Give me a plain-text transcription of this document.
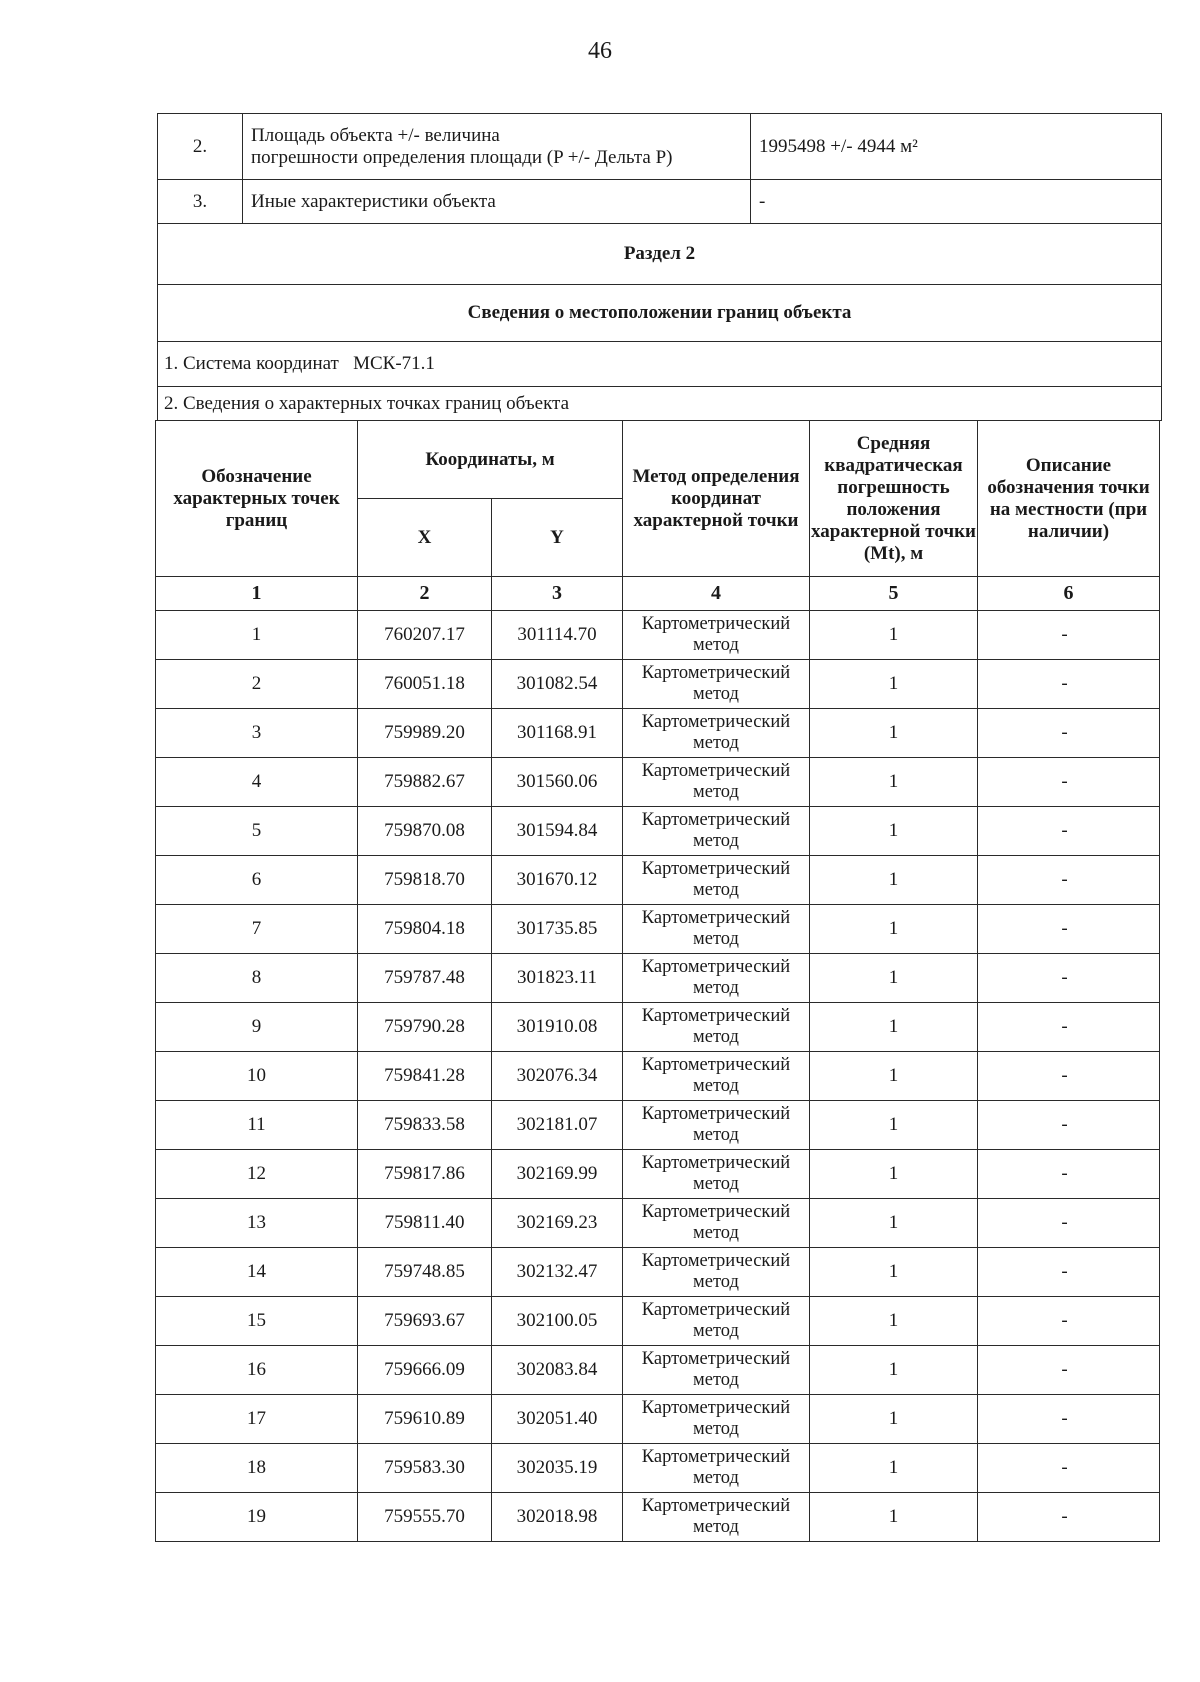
46
2.	Площадь объекта +/- величина
погрешности определения площади (P +/- Дельта P)	1995498 +/- 4944 м²
3.	Иные характеристики объекта	-
Раздел 2		
Сведения о местоположении границ объекта		
1. Система координат   МСК-71.1		
2. Сведения о характерных точках границ объекта		
Обозначение характерных точек границ	Координаты, м		Метод определения координат характерной точки	Средняя квадратическая погрешность положения характерной точки (Mt), м	Описание обозначения точки на местности (при наличии)
	X	Y			
1	2	3	4	5	6
1	760207.17	301114.70	Картометрический метод	1	-
2	760051.18	301082.54	Картометрический метод	1	-
3	759989.20	301168.91	Картометрический метод	1	-
4	759882.67	301560.06	Картометрический метод	1	-
5	759870.08	301594.84	Картометрический метод	1	-
6	759818.70	301670.12	Картометрический метод	1	-
7	759804.18	301735.85	Картометрический метод	1	-
8	759787.48	301823.11	Картометрический метод	1	-
9	759790.28	301910.08	Картометрический метод	1	-
10	759841.28	302076.34	Картометрический метод	1	-
11	759833.58	302181.07	Картометрический метод	1	-
12	759817.86	302169.99	Картометрический метод	1	-
13	759811.40	302169.23	Картометрический метод	1	-
14	759748.85	302132.47	Картометрический метод	1	-
15	759693.67	302100.05	Картометрический метод	1	-
16	759666.09	302083.84	Картометрический метод	1	-
17	759610.89	302051.40	Картометрический метод	1	-
18	759583.30	302035.19	Картометрический метод	1	-
19	759555.70	302018.98	Картометрический метод	1	-
